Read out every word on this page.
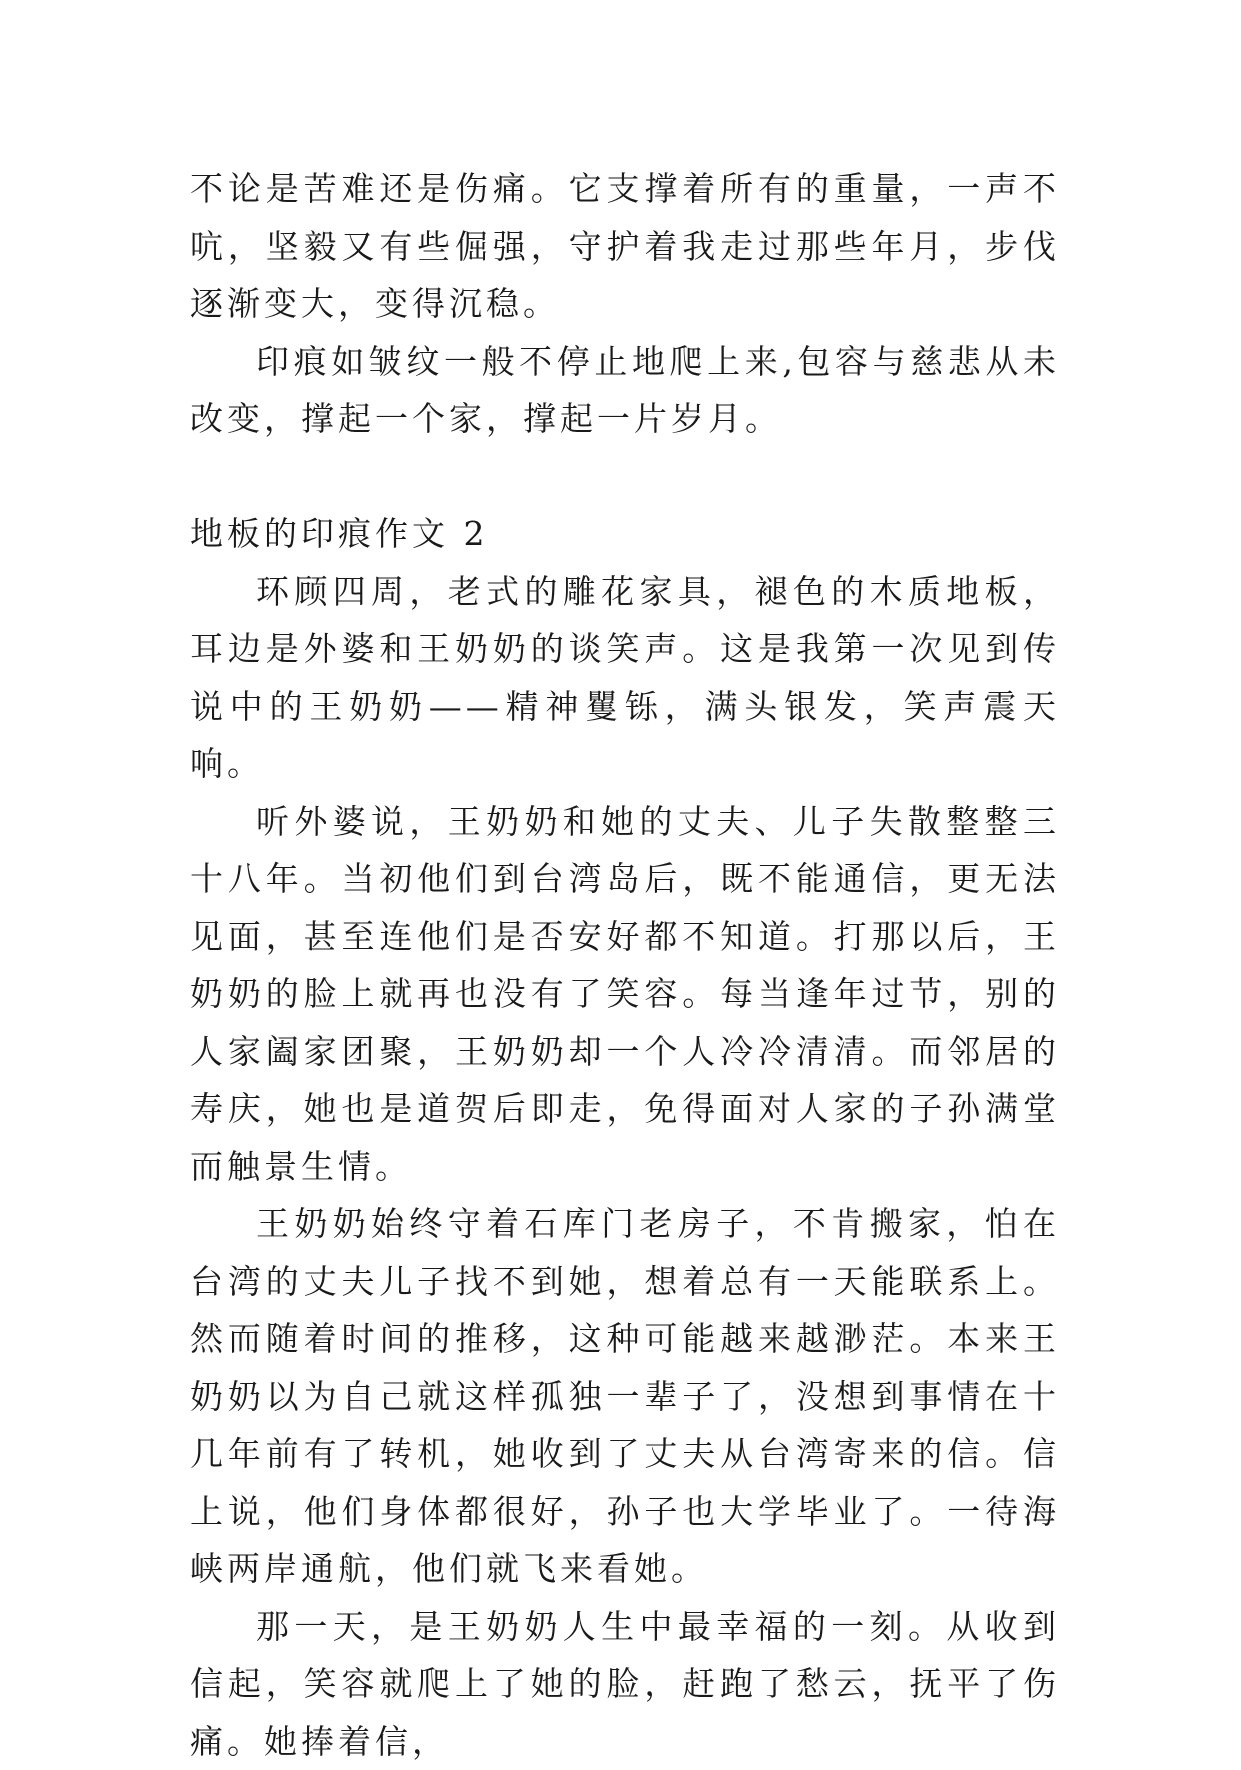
不论是苦难还是伤痛。它支撑着所有的重量，一声不吭，坚毅又有些倔强，守护着我走过那些年月，步伐逐渐变大，变得沉稳。

印痕如皱纹一般不停止地爬上来,包容与慈悲从未改变，撑起一个家，撑起一片岁月。

地板的印痕作文 2

环顾四周，老式的雕花家具，褪色的木质地板，耳边是外婆和王奶奶的谈笑声。这是我第一次见到传说中的王奶奶——精神矍铄，满头银发，笑声震天响。

听外婆说，王奶奶和她的丈夫、儿子失散整整三十八年。当初他们到台湾岛后，既不能通信，更无法见面，甚至连他们是否安好都不知道。打那以后，王奶奶的脸上就再也没有了笑容。每当逢年过节，别的人家阖家团聚，王奶奶却一个人冷冷清清。而邻居的寿庆，她也是道贺后即走，免得面对人家的子孙满堂而触景生情。

王奶奶始终守着石库门老房子，不肯搬家，怕在台湾的丈夫儿子找不到她，想着总有一天能联系上。然而随着时间的推移，这种可能越来越渺茫。本来王奶奶以为自己就这样孤独一辈子了，没想到事情在十几年前有了转机，她收到了丈夫从台湾寄来的信。信上说，他们身体都很好，孙子也大学毕业了。一待海峡两岸通航，他们就飞来看她。

那一天，是王奶奶人生中最幸福的一刻。从收到信起，笑容就爬上了她的脸，赶跑了愁云，抚平了伤痛。她捧着信，
